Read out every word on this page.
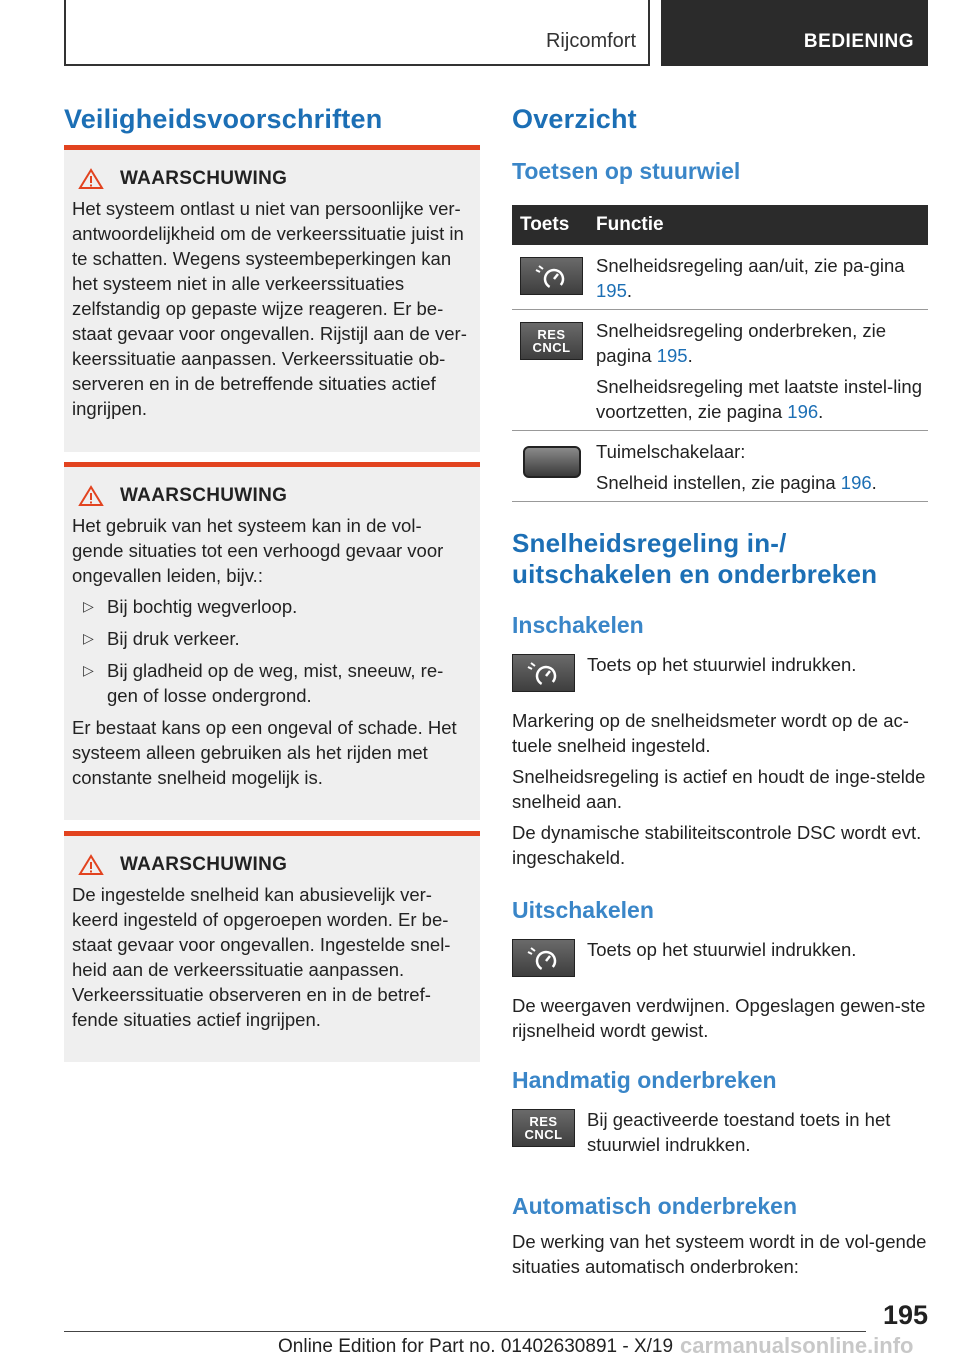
Rijcomfort	BEDIENING
Veiligheidsvoorschriften
WAARSCHUWING

Het systeem ontlast u niet van persoonlijke ver-antwoordelijkheid om de verkeerssituatie juist in te schatten. Wegens systeembeperkingen kan het systeem niet in alle verkeerssituaties zelfstandig op gepaste wijze reageren. Er be-staat gevaar voor ongevallen. Rijstijl aan de ver-keerssituatie aanpassen. Verkeerssituatie ob-serveren en in de betreffende situaties actief ingrijpen.

WAARSCHUWING

Het gebruik van het systeem kan in de vol-gende situaties tot een verhoogd gevaar voor ongevallen leiden, bijv.:

▷ Bij bochtig wegverloop.
▷ Bij druk verkeer.
▷ Bij gladheid op de weg, mist, sneeuw, re-gen of losse ondergrond.

Er bestaat kans op een ongeval of schade. Het systeem alleen gebruiken als het rijden met constante snelheid mogelijk is.

WAARSCHUWING

De ingestelde snelheid kan abusievelijk ver-keerd ingesteld of opgeroepen worden. Er be-staat gevaar voor ongevallen. Ingestelde snel-heid aan de verkeerssituatie aanpassen. Verkeerssituatie observeren en in de betref-fende situaties actief ingrijpen.

Overzicht
Toetsen op stuurwiel
Toets	Functie

Snelheidsregeling aan/uit, zie pa-gina 195.

RES
CNCL

Snelheidsregeling onderbreken, zie pagina 195.

Snelheidsregeling met laatste instel-ling voortzetten, zie pagina 196.

Tuimelschakelaar:

Snelheid instellen, zie pagina 196.

Snelheidsregeling in-/ uitschakelen en onderbreken
Inschakelen
Toets op het stuurwiel indrukken.

Markering op de snelheidsmeter wordt op de ac-tuele snelheid ingesteld.

Snelheidsregeling is actief en houdt de inge-stelde snelheid aan.

De dynamische stabiliteitscontrole DSC wordt evt. ingeschakeld.

Uitschakelen
Toets op het stuurwiel indrukken.

De weergaven verdwijnen. Opgeslagen gewen-ste rijsnelheid wordt gewist.

Handmatig onderbreken
RES
CNCL
Bij geactiveerde toestand toets in het stuurwiel indrukken.
Automatisch onderbreken
De werking van het systeem wordt in de vol-gende situaties automatisch onderbroken:
195
Online Edition for Part no. 01402630891 - X/19 carmanualsonline.info
